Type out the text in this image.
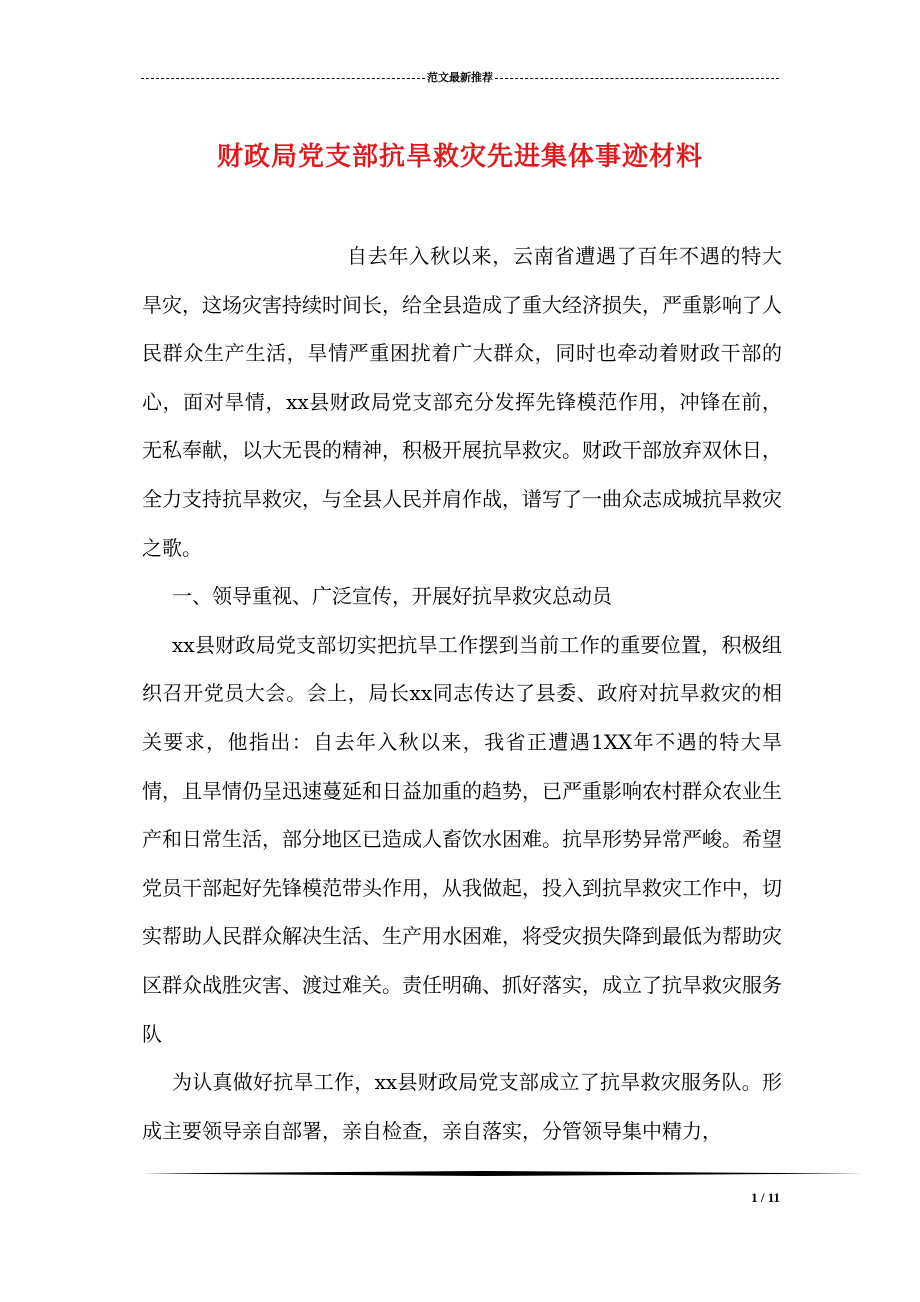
范文最新推荐
财政局党支部抗旱救灾先进集体事迹材料

自去年入秋以来，云南省遭遇了百年不遇的特大旱灾，这场灾害持续时间长，给全县造成了重大经济损失，严重影响了人民群众生产生活，旱情严重困扰着广大群众，同时也牵动着财政干部的心，面对旱情，xx县财政局党支部充分发挥先锋模范作用，冲锋在前，无私奉献，以大无畏的精神，积极开展抗旱救灾。财政干部放弃双休日，全力支持抗旱救灾，与全县人民并肩作战，谱写了一曲众志成城抗旱救灾之歌。

一、领导重视、广泛宣传，开展好抗旱救灾总动员

xx县财政局党支部切实把抗旱工作摆到当前工作的重要位置，积极组织召开党员大会。会上，局长xx同志传达了县委、政府对抗旱救灾的相关要求，他指出：自去年入秋以来，我省正遭遇1XX年不遇的特大旱情，且旱情仍呈迅速蔓延和日益加重的趋势，已严重影响农村群众农业生产和日常生活，部分地区已造成人畜饮水困难。抗旱形势异常严峻。希望党员干部起好先锋模范带头作用，从我做起，投入到抗旱救灾工作中，切实帮助人民群众解决生活、生产用水困难，将受灾损失降到最低为帮助灾区群众战胜灾害、渡过难关。责任明确、抓好落实，成立了抗旱救灾服务队

为认真做好抗旱工作，xx县财政局党支部成立了抗旱救灾服务队。形成主要领导亲自部署，亲自检查，亲自落实，分管领导集中精力，

1 / 11
